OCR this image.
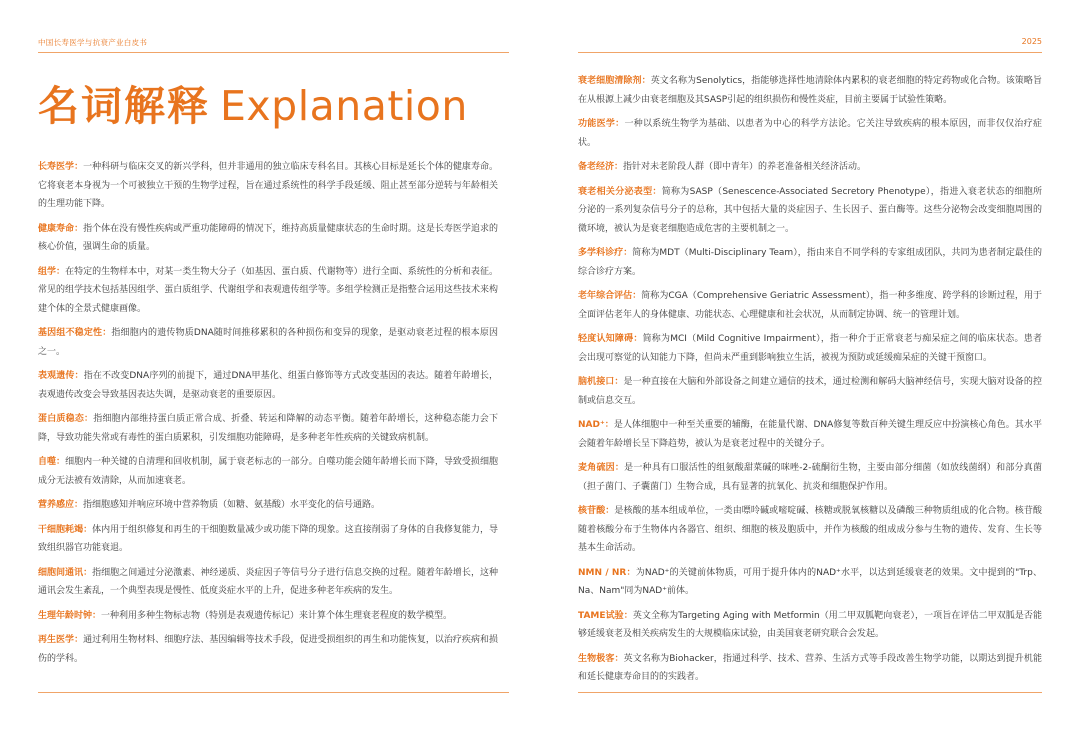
中国长寿医学与抗衰产业白皮书	2025
名词解释 Explanation

长寿医学：一种科研与临床交叉的新兴学科，但并非通用的独立临床专科名目。其核心目标是延长个体的健康寿命。它将衰老本身视为一个可被独立干预的生物学过程，旨在通过系统性的科学手段延缓、阻止甚至部分逆转与年龄相关的生理功能下降。

健康寿命：指个体在没有慢性疾病或严重功能障碍的情况下，维持高质量健康状态的生命时期。这是长寿医学追求的核心价值，强调生命的质量。

组学：在特定的生物样本中，对某一类生物大分子（如基因、蛋白质、代谢物等）进行全面、系统性的分析和表征。常见的组学技术包括基因组学、蛋白质组学、代谢组学和表观遗传组学等。多组学检测正是指整合运用这些技术来构建个体的全景式健康画像。

基因组不稳定性：指细胞内的遗传物质DNA随时间推移累积的各种损伤和变异的现象，是驱动衰老过程的根本原因之一。

表观遗传：指在不改变DNA序列的前提下，通过DNA甲基化、组蛋白修饰等方式改变基因的表达。随着年龄增长，表观遗传改变会导致基因表达失调，是驱动衰老的重要原因。

蛋白质稳态：指细胞内部维持蛋白质正常合成、折叠、转运和降解的动态平衡。随着年龄增长，这种稳态能力会下降，导致功能失常或有毒性的蛋白质累积，引发细胞功能障碍，是多种老年性疾病的关键致病机制。

自噬：细胞内一种关键的自清理和回收机制，属于衰老标志的一部分。自噬功能会随年龄增长而下降，导致受损细胞成分无法被有效清除，从而加速衰老。

营养感应：指细胞感知并响应环境中营养物质（如糖、氨基酸）水平变化的信号通路。

干细胞耗竭：体内用于组织修复和再生的干细胞数量减少或功能下降的现象。这直接削弱了身体的自我修复能力，导致组织器官功能衰退。

细胞间通讯：指细胞之间通过分泌激素、神经递质、炎症因子等信号分子进行信息交换的过程。随着年龄增长，这种通讯会发生紊乱，一个典型表现是慢性、低度炎症水平的上升，促进多种老年疾病的发生。

生理年龄时钟：一种利用多种生物标志物（特别是表观遗传标记）来计算个体生理衰老程度的数学模型。

再生医学：通过利用生物材料、细胞疗法、基因编辑等技术手段，促进受损组织的再生和功能恢复，以治疗疾病和损伤的学科。

衰老细胞清除剂：英文名称为Senolytics，指能够选择性地清除体内累积的衰老细胞的特定药物或化合物。该策略旨在从根源上减少由衰老细胞及其SASP引起的组织损伤和慢性炎症，目前主要属于试验性策略。

功能医学：一种以系统生物学为基础、以患者为中心的科学方法论。它关注导致疾病的根本原因，而非仅仅治疗症状。

备老经济：指针对未老阶段人群（即中青年）的养老准备相关经济活动。

衰老相关分泌表型：简称为SASP（Senescence-Associated Secretory Phenotype），指进入衰老状态的细胞所分泌的一系列复杂信号分子的总称，其中包括大量的炎症因子、生长因子、蛋白酶等。这些分泌物会改变细胞周围的微环境，被认为是衰老细胞造成危害的主要机制之一。

多学科诊疗：简称为MDT（Multi-Disciplinary Team），指由来自不同学科的专家组成团队，共同为患者制定最佳的综合诊疗方案。

老年综合评估：简称为CGA（Comprehensive Geriatric Assessment），指一种多维度、跨学科的诊断过程，用于全面评估老年人的身体健康、功能状态、心理健康和社会状况，从而制定协调、统一的管理计划。

轻度认知障碍：简称为MCI（Mild Cognitive Impairment），指一种介于正常衰老与痴呆症之间的临床状态。患者会出现可察觉的认知能力下降，但尚未严重到影响独立生活，被视为预防或延缓痴呆症的关键干预窗口。

脑机接口：是一种直接在大脑和外部设备之间建立通信的技术，通过检测和解码大脑神经信号，实现大脑对设备的控制或信息交互。

NAD⁺：是人体细胞中一种至关重要的辅酶，在能量代谢、DNA修复等数百种关键生理反应中扮演核心角色。其水平会随着年龄增长呈下降趋势，被认为是衰老过程中的关键分子。

麦角硫因：是一种具有口服活性的组氨酸甜菜碱的咪唑-2-硫酮衍生物，主要由部分细菌（如放线菌纲）和部分真菌（担子菌门、子囊菌门）生物合成，具有显著的抗氧化、抗炎和细胞保护作用。

核苷酸：是核酸的基本组成单位，一类由嘌呤碱或嘧啶碱、核糖或脱氧核糖以及磷酸三种物质组成的化合物。核苷酸随着核酸分布于生物体内各器官、组织、细胞的核及胞质中，并作为核酸的组成成分参与生物的遗传、发育、生长等基本生命活动。

NMN / NR：为NAD⁺的关键前体物质，可用于提升体内的NAD⁺水平，以达到延缓衰老的效果。文中提到的"Trp、Na、Nam"同为NAD⁺前体。

TAME试验：英文全称为Targeting Aging with Metformin（用二甲双胍靶向衰老），一项旨在评估二甲双胍是否能够延缓衰老及相关疾病发生的大规模临床试验，由美国衰老研究联合会发起。

生物极客：英文名称为Biohacker，指通过科学、技术、营养、生活方式等手段改善生物学功能，以期达到提升机能和延长健康寿命目的的实践者。
